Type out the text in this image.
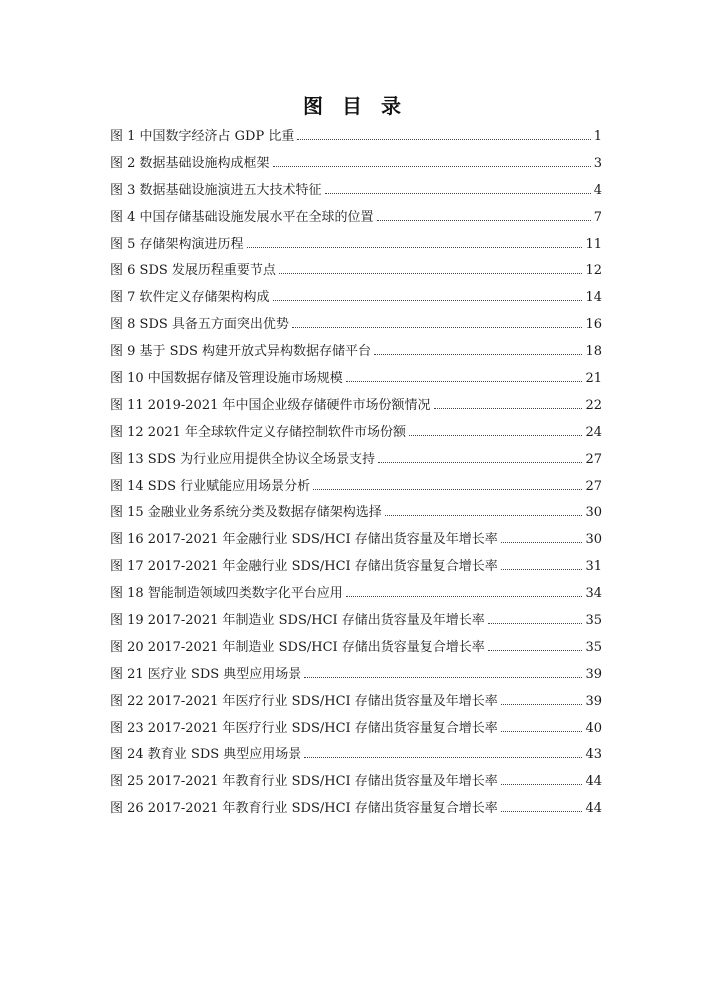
图 目 录
图 1 中国数字经济占 GDP 比重	1
图 2 数据基础设施构成框架	3
图 3 数据基础设施演进五大技术特征	4
图 4 中国存储基础设施发展水平在全球的位置	7
图 5 存储架构演进历程	11
图 6 SDS 发展历程重要节点	12
图 7 软件定义存储架构构成	14
图 8 SDS 具备五方面突出优势	16
图 9 基于 SDS 构建开放式异构数据存储平台	18
图 10 中国数据存储及管理设施市场规模	21
图 11 2019-2021 年中国企业级存储硬件市场份额情况	22
图 12 2021 年全球软件定义存储控制软件市场份额	24
图 13 SDS 为行业应用提供全协议全场景支持	27
图 14 SDS 行业赋能应用场景分析	27
图 15 金融业业务系统分类及数据存储架构选择	30
图 16 2017-2021 年金融行业 SDS/HCI 存储出货容量及年增长率	30
图 17 2017-2021 年金融行业 SDS/HCI 存储出货容量复合增长率	31
图 18 智能制造领域四类数字化平台应用	34
图 19 2017-2021 年制造业 SDS/HCI 存储出货容量及年增长率	35
图 20 2017-2021 年制造业 SDS/HCI 存储出货容量复合增长率	35
图 21 医疗业 SDS 典型应用场景	39
图 22 2017-2021 年医疗行业 SDS/HCI 存储出货容量及年增长率	39
图 23 2017-2021 年医疗行业 SDS/HCI 存储出货容量复合增长率	40
图 24 教育业 SDS 典型应用场景	43
图 25 2017-2021 年教育行业 SDS/HCI 存储出货容量及年增长率	44
图 26 2017-2021 年教育行业 SDS/HCI 存储出货容量复合增长率	44
